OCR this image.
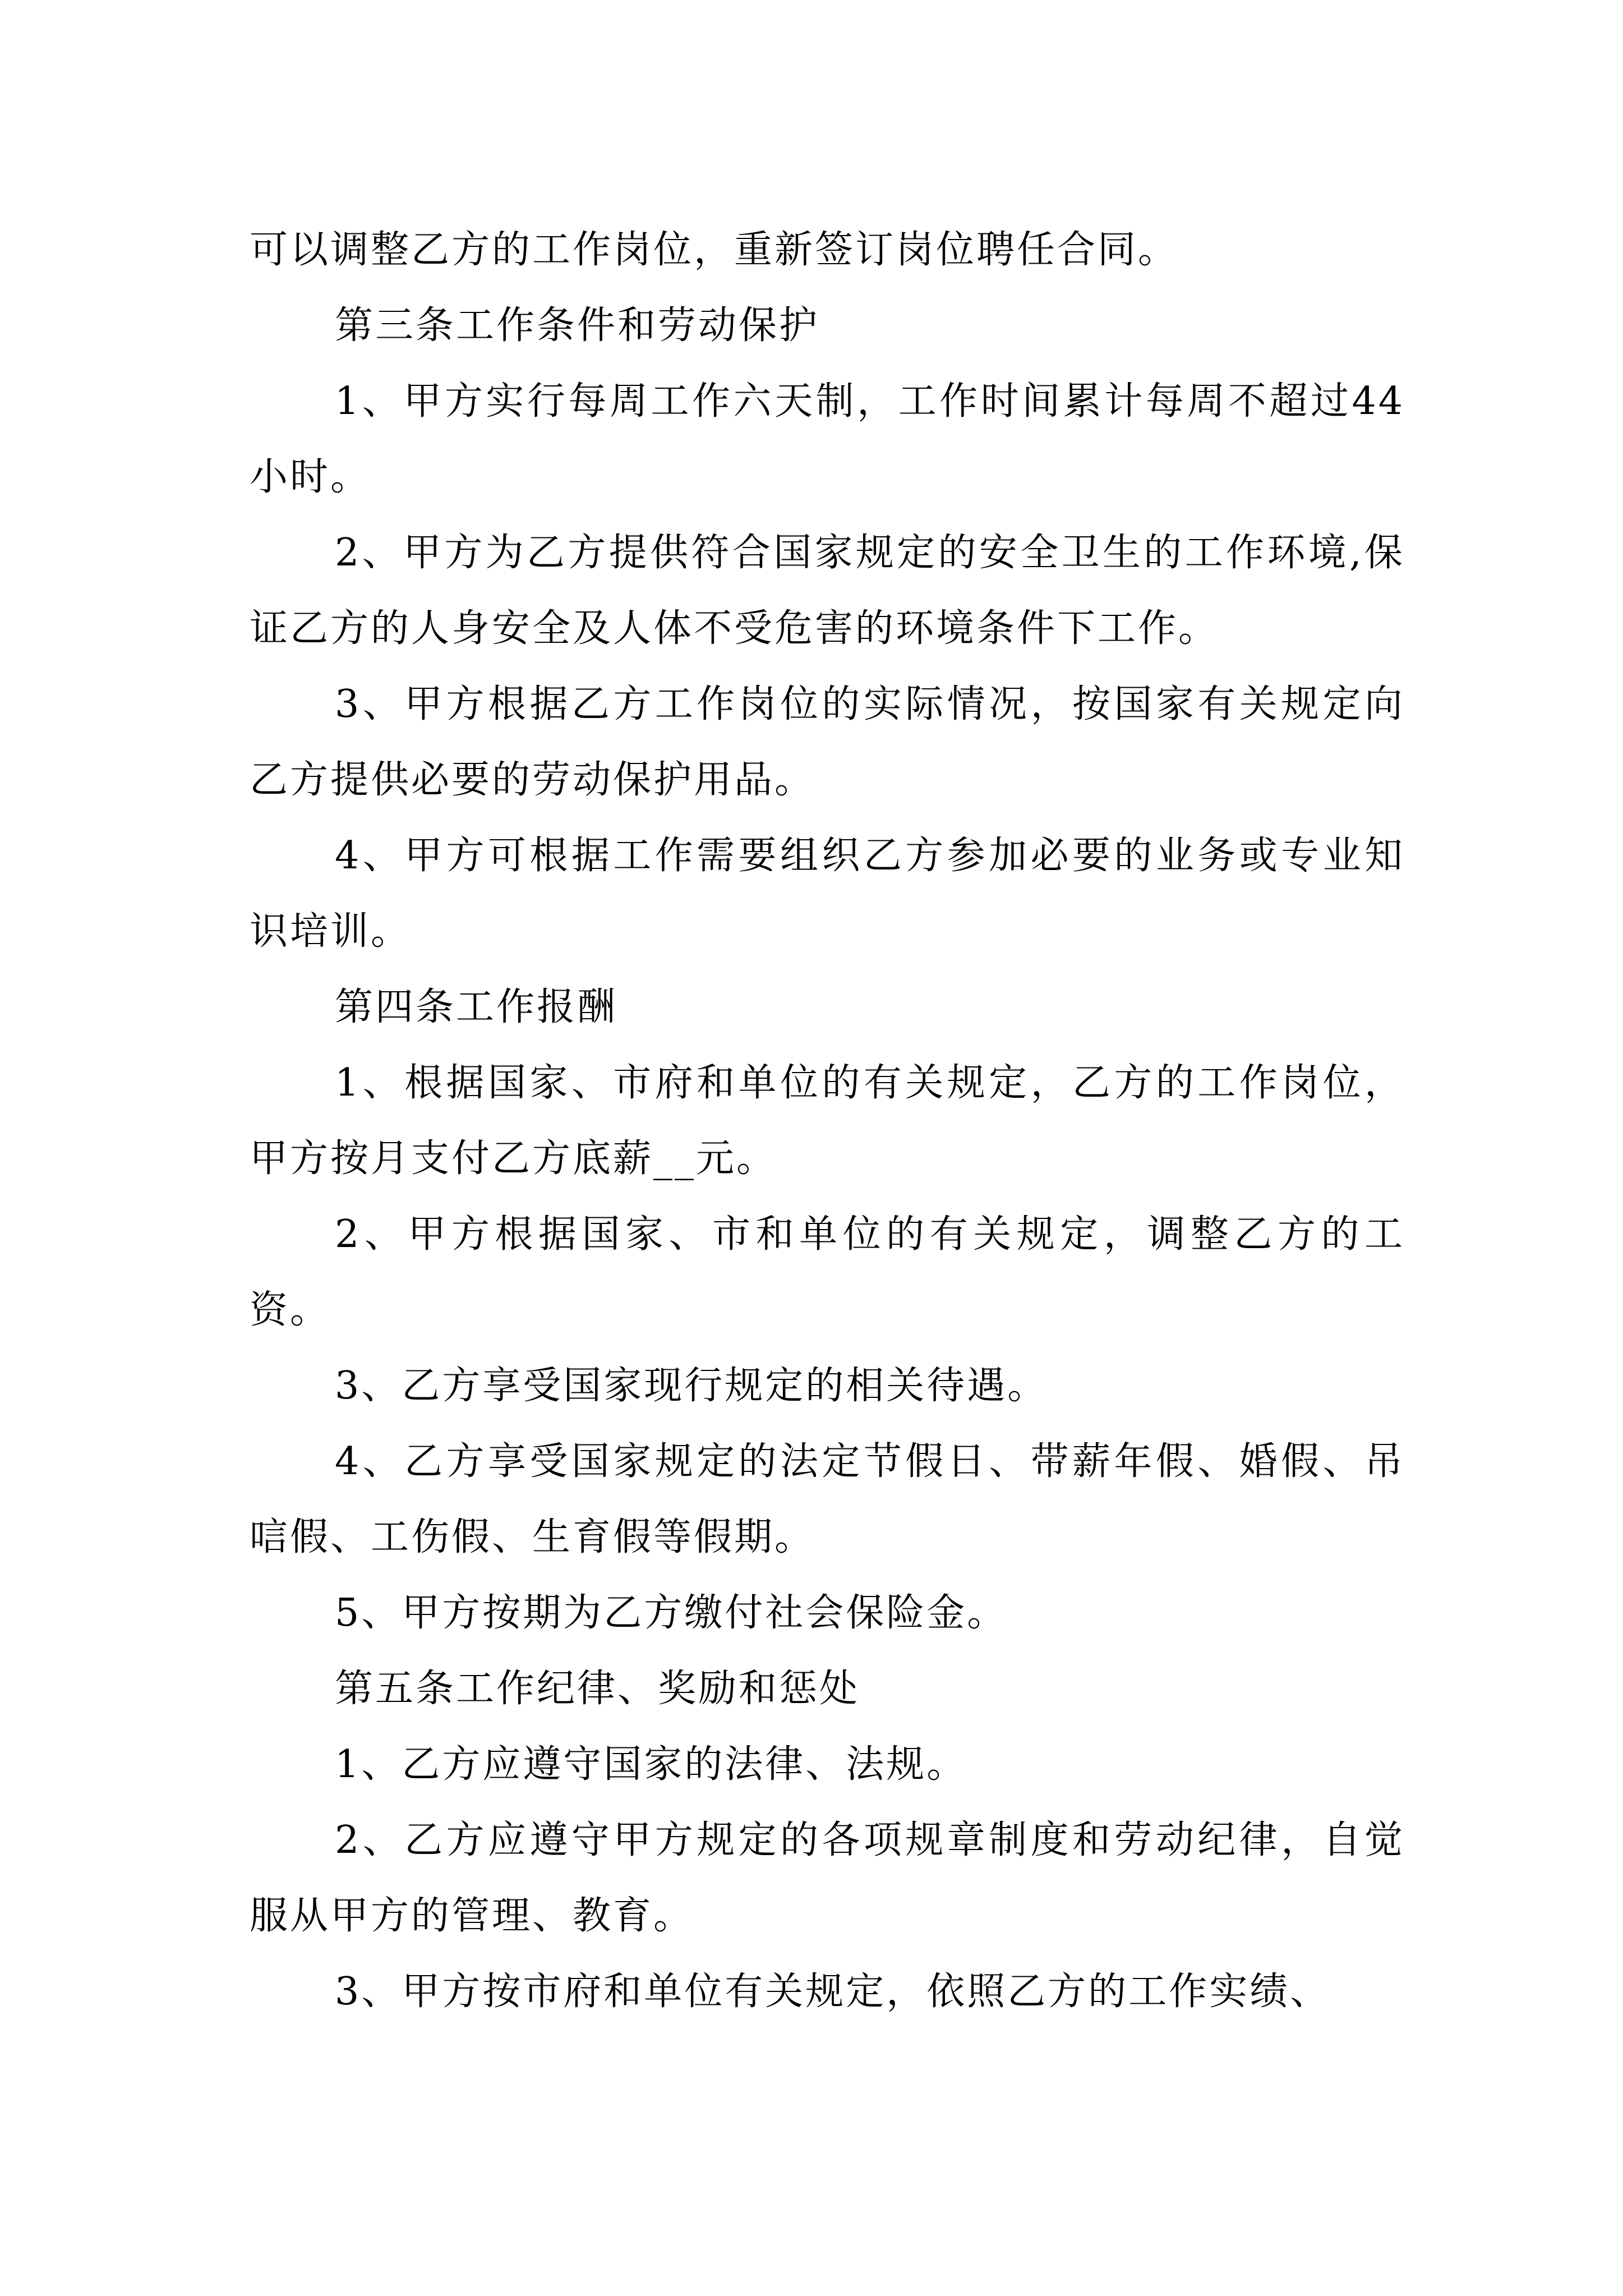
可以调整乙方的工作岗位，重新签订岗位聘任合同。

第三条工作条件和劳动保护

1、甲方实行每周工作六天制，工作时间累计每周不超过44小时。

2、甲方为乙方提供符合国家规定的安全卫生的工作环境,保证乙方的人身安全及人体不受危害的环境条件下工作。

3、甲方根据乙方工作岗位的实际情况，按国家有关规定向乙方提供必要的劳动保护用品。

4、甲方可根据工作需要组织乙方参加必要的业务或专业知识培训。

第四条工作报酬

1、根据国家、市府和单位的有关规定，乙方的工作岗位，甲方按月支付乙方底薪__元。

2、甲方根据国家、市和单位的有关规定，调整乙方的工资。

3、乙方享受国家现行规定的相关待遇。

4、乙方享受国家规定的法定节假日、带薪年假、婚假、吊唁假、工伤假、生育假等假期。

5、甲方按期为乙方缴付社会保险金。

第五条工作纪律、奖励和惩处

1、乙方应遵守国家的法律、法规。

2、乙方应遵守甲方规定的各项规章制度和劳动纪律，自觉服从甲方的管理、教育。

3、甲方按市府和单位有关规定，依照乙方的工作实绩、
